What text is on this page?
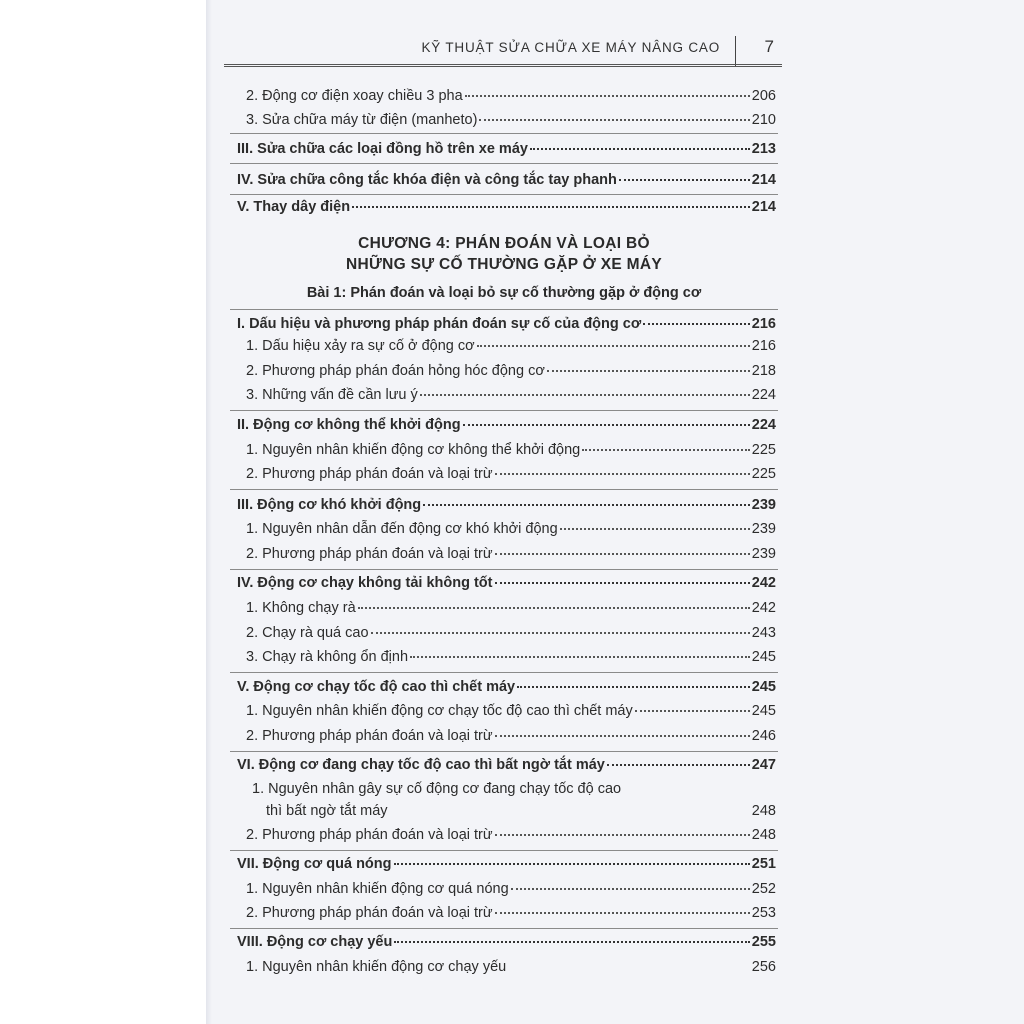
KỸ THUẬT SỬA CHỮA XE MÁY NÂNG CAO	7
2. Động cơ điện xoay chiều 3 pha	206
3. Sửa chữa máy từ điện (manheto)	210
III. Sửa chữa các loại đồng hồ trên xe máy	213
IV. Sửa chữa công tắc khóa điện và công tắc tay phanh	214
V. Thay dây điện	214
CHƯƠNG 4: PHÁN ĐOÁN VÀ LOẠI BỎ
NHỮNG SỰ CỐ THƯỜNG GẶP Ở XE MÁY
Bài 1: Phán đoán và loại bỏ sự cố thường gặp ở động cơ
I. Dấu hiệu và phương pháp phán đoán sự cố của động cơ	216
1. Dấu hiệu xảy ra sự cố ở động cơ	216
2. Phương pháp phán đoán hỏng hóc động cơ	218
3. Những vấn đề cần lưu ý	224
II. Động cơ không thể khởi động	224
1. Nguyên nhân khiến động cơ không thể khởi động	225
2. Phương pháp phán đoán và loại trừ	225
III. Động cơ khó khởi động	239
1. Nguyên nhân dẫn đến động cơ khó khởi động	239
2. Phương pháp phán đoán và loại trừ	239
IV. Động cơ chạy không tải không tốt	242
1. Không chạy rà	242
2. Chạy rà quá cao	243
3. Chạy rà không ổn định	245
V. Động cơ chạy tốc độ cao thì chết máy	245
1. Nguyên nhân khiến động cơ chạy tốc độ cao thì chết máy	245
2. Phương pháp phán đoán và loại trừ	246
VI. Động cơ đang chạy tốc độ cao thì bất ngờ tắt máy	247
1. Nguyên nhân gây sự cố động cơ đang chạy tốc độ cao
thì bất ngờ tắt máy	248
2. Phương pháp phán đoán và loại trừ	248
VII. Động cơ quá nóng	251
1. Nguyên nhân khiến động cơ quá nóng	252
2. Phương pháp phán đoán và loại trừ	253
VIII. Động cơ chạy yếu	255
1. Nguyên nhân khiến động cơ chạy yếu	256
